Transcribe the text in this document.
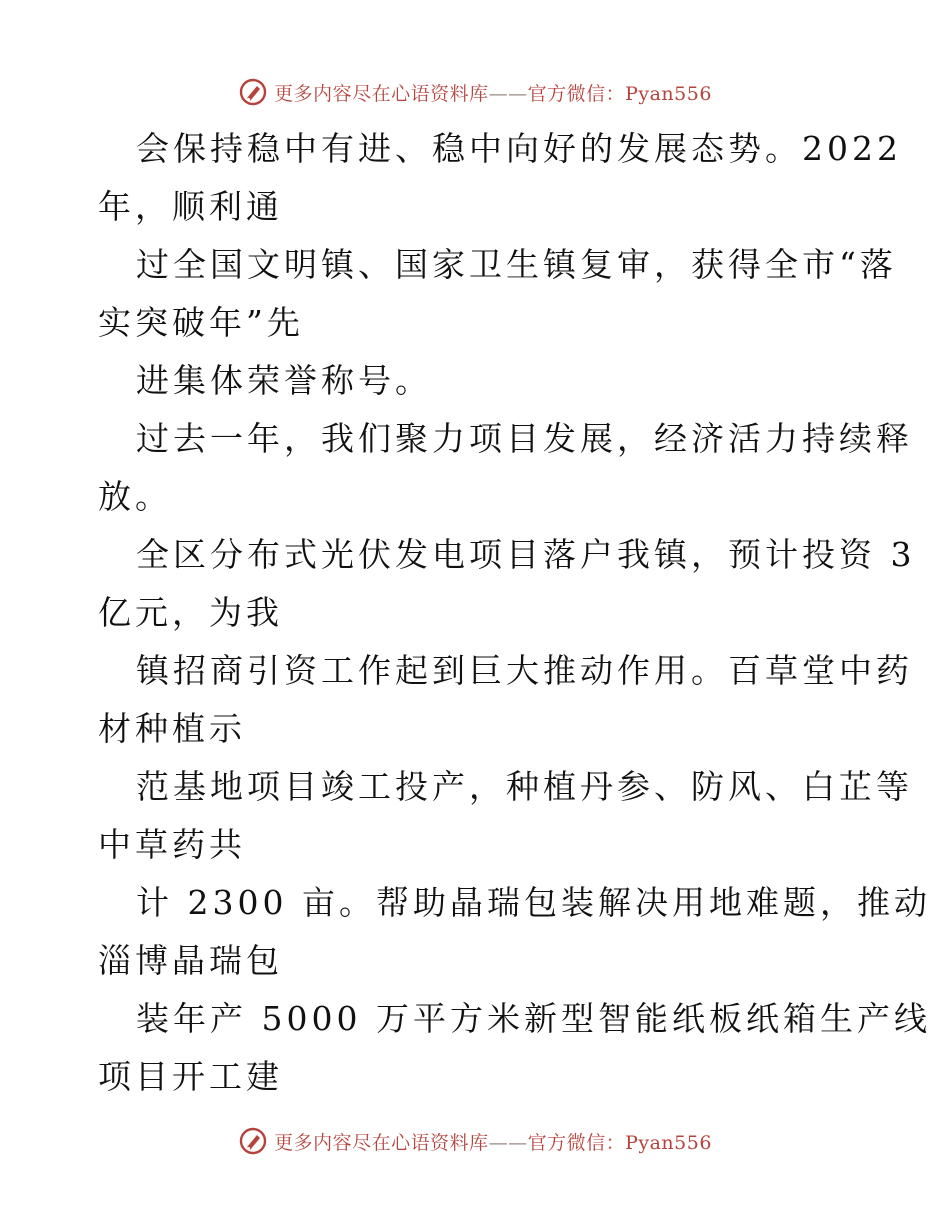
更多内容尽在心语资料库——官方微信：Pyan556
会保持稳中有进、稳中向好的发展态势。2022
年，顺利通
过全国文明镇、国家卫生镇复审，获得全市“落
实突破年”先
进集体荣誉称号。
过去一年，我们聚力项目发展，经济活力持续释
放。
全区分布式光伏发电项目落户我镇，预计投资 3
亿元，为我
镇招商引资工作起到巨大推动作用。百草堂中药
材种植示
范基地项目竣工投产，种植丹参、防风、白芷等
中草药共
计 2300 亩。帮助晶瑞包装解决用地难题，推动
淄博晶瑞包
装年产 5000 万平方米新型智能纸板纸箱生产线
项目开工建
更多内容尽在心语资料库——官方微信：Pyan556
